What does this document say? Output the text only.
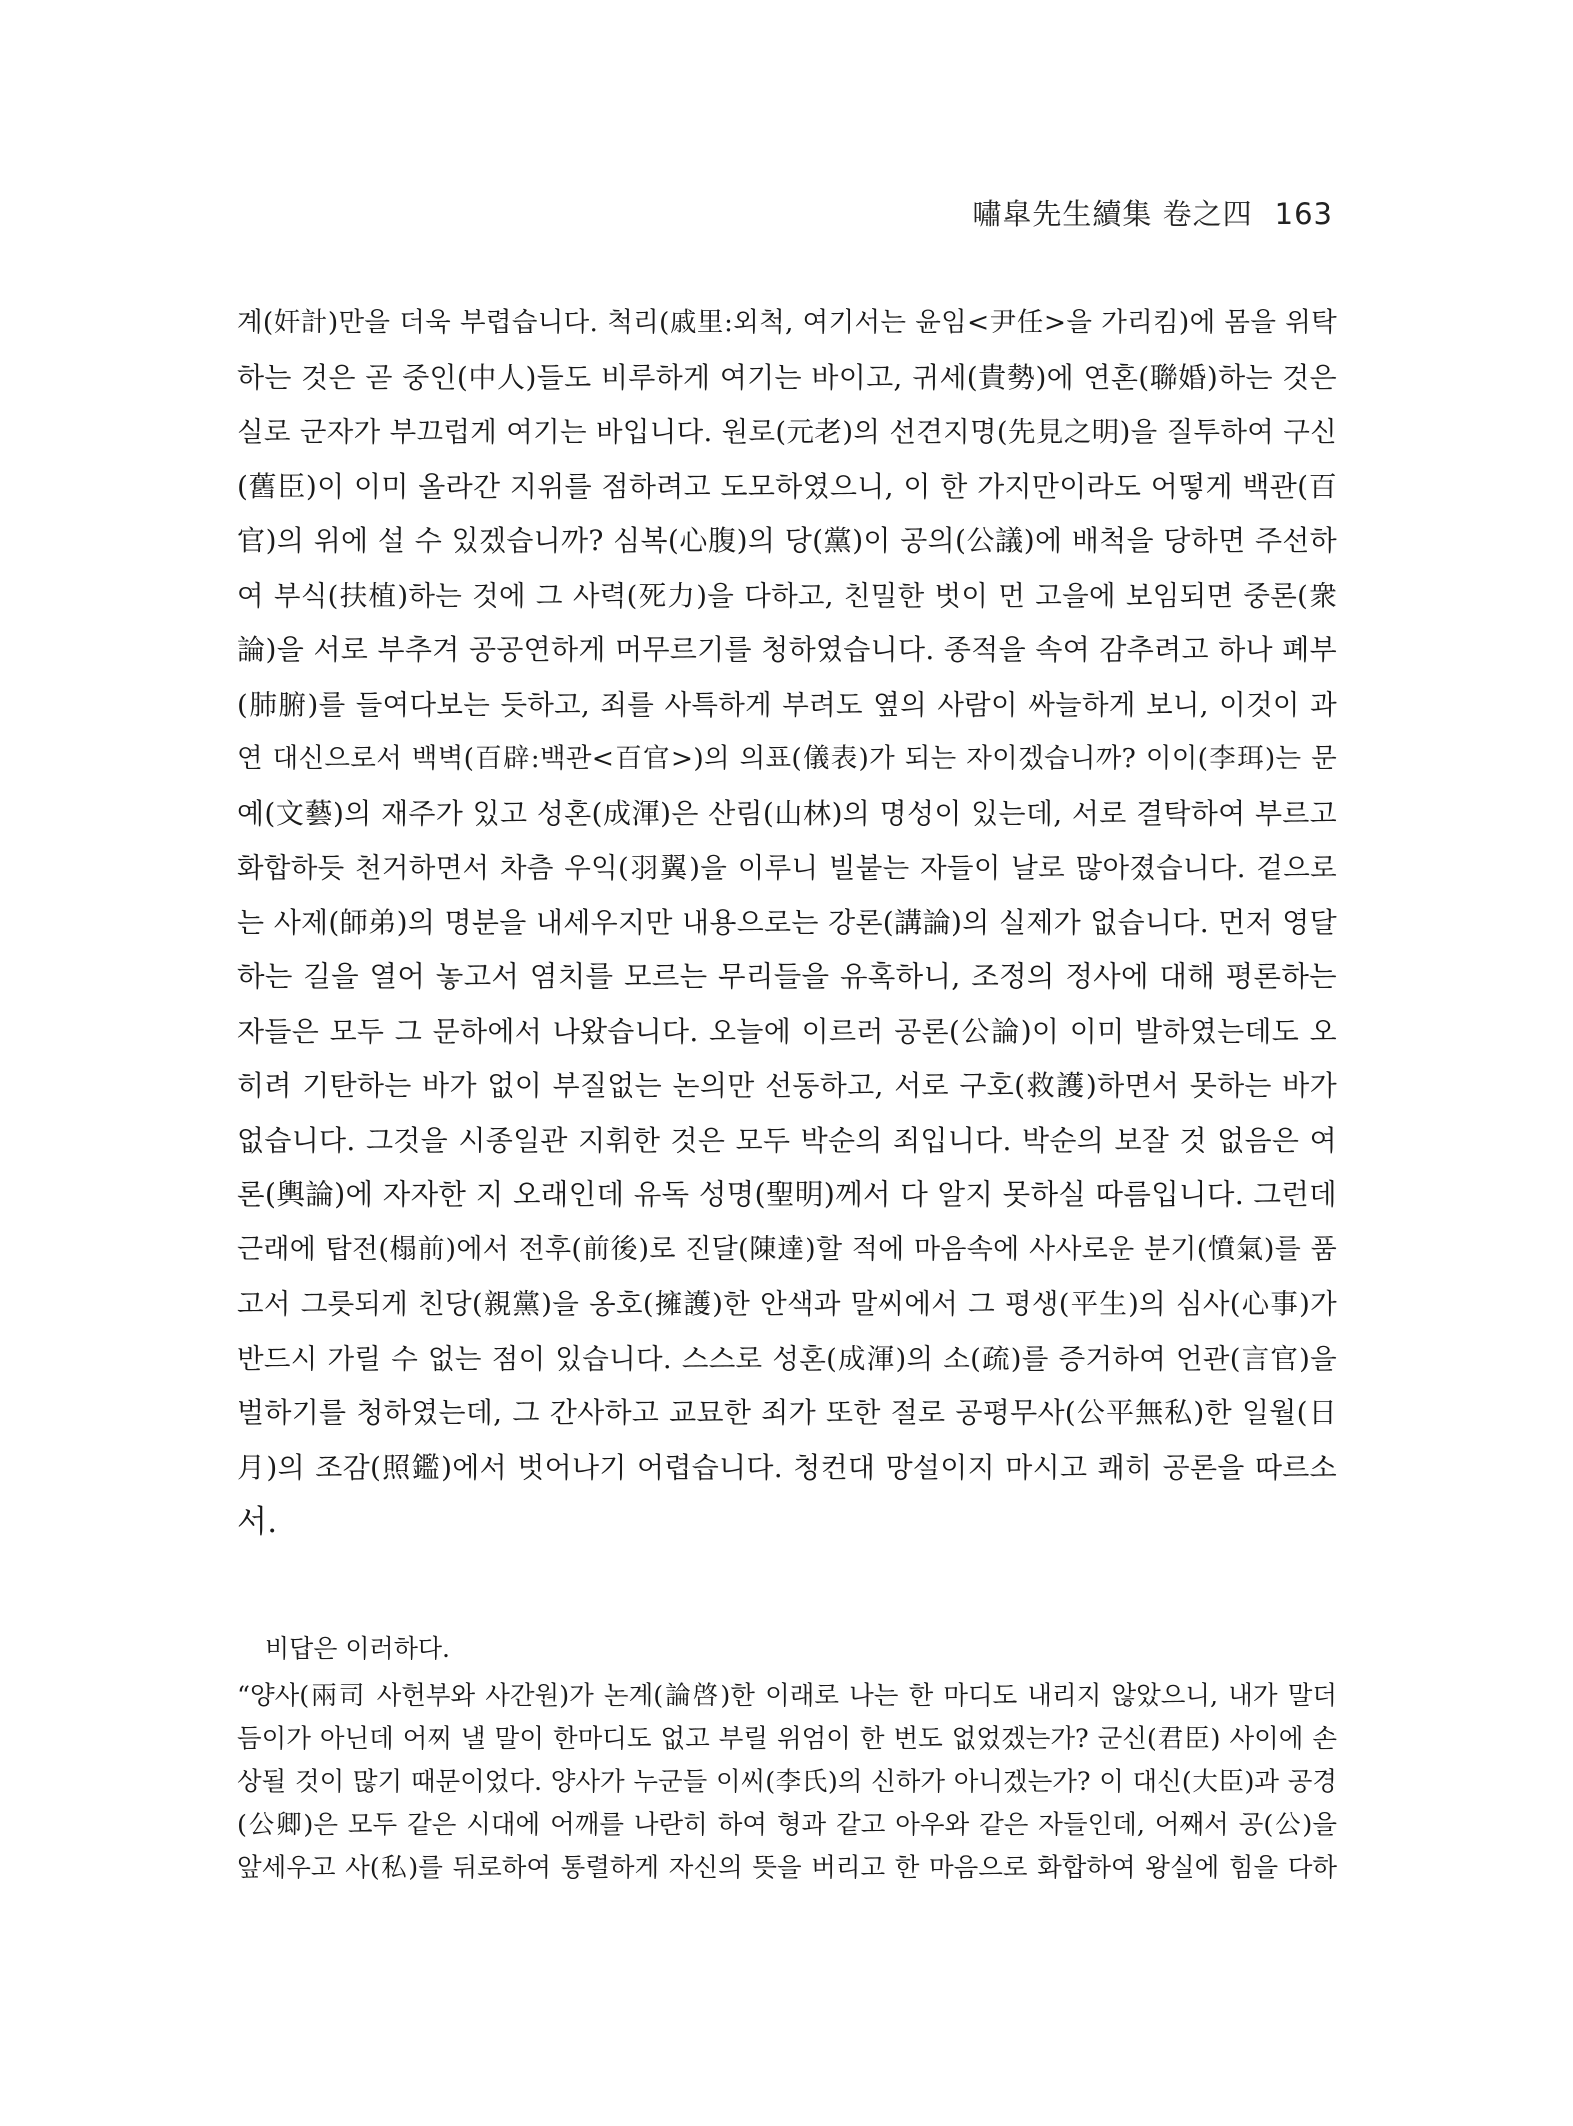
嘯皐先生續集 卷之四 163
계(奸計)만을 더욱 부렵습니다. 척리(戚里:외척, 여기서는 윤임<尹任>을 가리킴)에 몸을 위탁
하는 것은 곧 중인(中人)들도 비루하게 여기는 바이고, 귀세(貴勢)에 연혼(聯婚)하는 것은
실로 군자가 부끄럽게 여기는 바입니다. 원로(元老)의 선견지명(先見之明)을 질투하여 구신
(舊臣)이 이미 올라간 지위를 점하려고 도모하였으니, 이 한 가지만이라도 어떻게 백관(百
官)의 위에 설 수 있겠습니까? 심복(心腹)의 당(黨)이 공의(公議)에 배척을 당하면 주선하
여 부식(扶植)하는 것에 그 사력(死力)을 다하고, 친밀한 벗이 먼 고을에 보임되면 중론(衆
論)을 서로 부추겨 공공연하게 머무르기를 청하였습니다. 종적을 속여 감추려고 하나 폐부
(肺腑)를 들여다보는 듯하고, 죄를 사특하게 부려도 옆의 사람이 싸늘하게 보니, 이것이 과
연 대신으로서 백벽(百辟:백관<百官>)의 의표(儀表)가 되는 자이겠습니까? 이이(李珥)는 문
예(文藝)의 재주가 있고 성혼(成渾)은 산림(山林)의 명성이 있는데, 서로 결탁하여 부르고
화합하듯 천거하면서 차츰 우익(羽翼)을 이루니 빌붙는 자들이 날로 많아졌습니다. 겉으로
는 사제(師弟)의 명분을 내세우지만 내용으로는 강론(講論)의 실제가 없습니다. 먼저 영달
하는 길을 열어 놓고서 염치를 모르는 무리들을 유혹하니, 조정의 정사에 대해 평론하는
자들은 모두 그 문하에서 나왔습니다. 오늘에 이르러 공론(公論)이 이미 발하였는데도 오
히려 기탄하는 바가 없이 부질없는 논의만 선동하고, 서로 구호(救護)하면서 못하는 바가
없습니다. 그것을 시종일관 지휘한 것은 모두 박순의 죄입니다. 박순의 보잘 것 없음은 여
론(輿論)에 자자한 지 오래인데 유독 성명(聖明)께서 다 알지 못하실 따름입니다. 그런데
근래에 탑전(榻前)에서 전후(前後)로 진달(陳達)할 적에 마음속에 사사로운 분기(憤氣)를 품
고서 그릇되게 친당(親黨)을 옹호(擁護)한 안색과 말씨에서 그 평생(平生)의 심사(心事)가
반드시 가릴 수 없는 점이 있습니다. 스스로 성혼(成渾)의 소(疏)를 증거하여 언관(言官)을
벌하기를 청하였는데, 그 간사하고 교묘한 죄가 또한 절로 공평무사(公平無私)한 일월(日
月)의 조감(照鑑)에서 벗어나기 어렵습니다. 청컨대 망설이지 마시고 쾌히 공론을 따르소
서.
비답은 이러하다.
“양사(兩司 사헌부와 사간원)가 논계(論啓)한 이래로 나는 한 마디도 내리지 않았으니, 내가 말더
듬이가 아닌데 어찌 낼 말이 한마디도 없고 부릴 위엄이 한 번도 없었겠는가? 군신(君臣) 사이에 손
상될 것이 많기 때문이었다. 양사가 누군들 이씨(李氏)의 신하가 아니겠는가? 이 대신(大臣)과 공경
(公卿)은 모두 같은 시대에 어깨를 나란히 하여 형과 같고 아우와 같은 자들인데, 어째서 공(公)을
앞세우고 사(私)를 뒤로하여 통렬하게 자신의 뜻을 버리고 한 마음으로 화합하여 왕실에 힘을 다하
